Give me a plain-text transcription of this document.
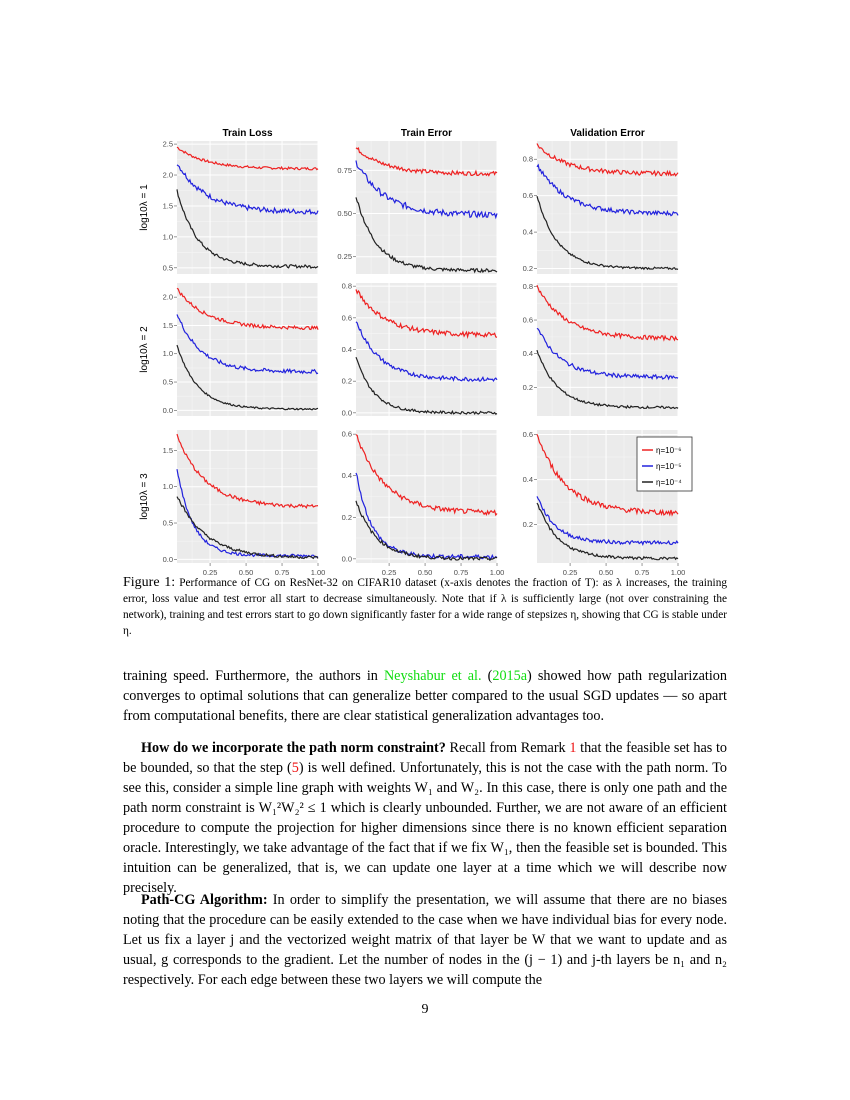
Train Loss	Train Error	Validation Error
log10λ = 1
log10λ = 2
log10λ = 3
0.5
1.0
1.5
2.0
2.5
0.25
0.50
0.75
0.2
0.4
0.6
0.8
0.0
0.5
1.0
1.5
2.0
0.0
0.2
0.4
0.6
0.8
0.2
0.4
0.6
0.8
0.0
0.5
1.0
1.5
0.25	0.50	0.75	1.00
0.0
0.2
0.4
0.6
0.25	0.50	0.75	1.00
0.2
0.4
0.6
0.25	0.50	0.75	1.00
η=10⁻⁶
η=10⁻⁵
η=10⁻⁴
Figure 1: Performance of CG on ResNet-32 on CIFAR10 dataset (x-axis denotes the fraction of T): as λ increases, the training error, loss value and test error all start to decrease simultaneously. Note that if λ is sufficiently large (not over constraining the network), training and test errors start to go down significantly faster for a wide range of stepsizes η, showing that CG is stable under η.

training speed. Furthermore, the authors in Neyshabur et al. (2015a) showed how path regularization converges to optimal solutions that can generalize better compared to the usual SGD updates — so apart from computational benefits, there are clear statistical generalization advantages too.

How do we incorporate the path norm constraint? Recall from Remark 1 that the feasible set has to be bounded, so that the step (5) is well defined. Unfortunately, this is not the case with the path norm. To see this, consider a simple line graph with weights W₁ and W₂. In this case, there is only one path and the path norm constraint is W₁²W₂² ≤ 1 which is clearly unbounded. Further, we are not aware of an efficient procedure to compute the projection for higher dimensions since there is no known efficient separation oracle. Interestingly, we take advantage of the fact that if we fix W₁, then the feasible set is bounded. This intuition can be generalized, that is, we can update one layer at a time which we will describe now precisely.

Path-CG Algorithm: In order to simplify the presentation, we will assume that there are no biases noting that the procedure can be easily extended to the case when we have individual bias for every node. Let us fix a layer j and the vectorized weight matrix of that layer be W that we want to update and as usual, g corresponds to the gradient. Let the number of nodes in the (j − 1) and j-th layers be n₁ and n₂ respectively. For each edge between these two layers we will compute the

9
